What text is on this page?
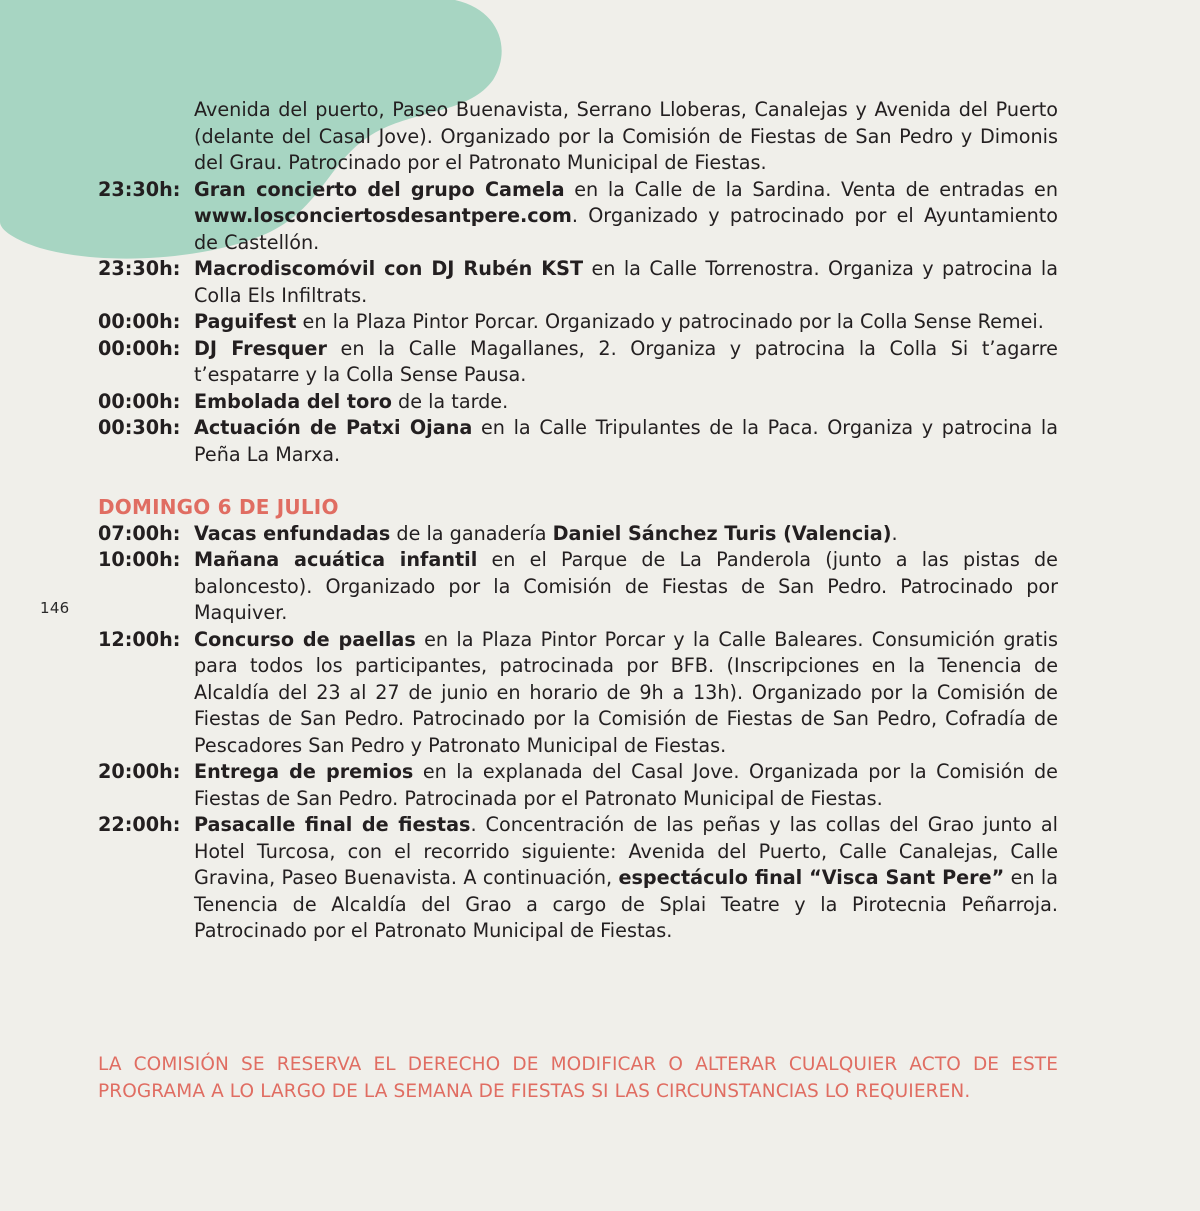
146
Avenida del puerto, Paseo Buenavista, Serrano Lloberas, Canalejas y Avenida del Puerto (delante del Casal Jove). Organizado por la Comisión de Fiestas de San Pedro y Dimonis del Grau. Patrocinado por el Patronato Municipal de Fiestas.
23:30h: Gran concierto del grupo Camela en la Calle de la Sardina. Venta de entradas en www.losconciertosdesantpere.com. Organizado y patrocinado por el Ayuntamiento de Castellón.
23:30h: Macrodiscomóvil con DJ Rubén KST en la Calle Torrenostra. Organiza y patrocina la Colla Els Infiltrats.
00:00h: Paguifest en la Plaza Pintor Porcar. Organizado y patrocinado por la Colla Sense Remei.
00:00h: DJ Fresquer en la Calle Magallanes, 2. Organiza y patrocina la Colla Si t’agarre t’espatarre y la Colla Sense Pausa.
00:00h: Embolada del toro de la tarde.
00:30h: Actuación de Patxi Ojana en la Calle Tripulantes de la Paca. Organiza y patrocina la Peña La Marxa.
DOMINGO 6 DE JULIO
07:00h: Vacas enfundadas de la ganadería Daniel Sánchez Turis (Valencia).
10:00h: Mañana acuática infantil en el Parque de La Panderola (junto a las pistas de baloncesto). Organizado por la Comisión de Fiestas de San Pedro. Patrocinado por Maquiver.
12:00h: Concurso de paellas en la Plaza Pintor Porcar y la Calle Baleares. Consumición gratis para todos los participantes, patrocinada por BFB. (Inscripciones en la Tenencia de Alcaldía del 23 al 27 de junio en horario de 9h a 13h). Organizado por la Comisión de Fiestas de San Pedro. Patrocinado por la Comisión de Fiestas de San Pedro, Cofradía de Pescadores San Pedro y Patronato Municipal de Fiestas.
20:00h: Entrega de premios en la explanada del Casal Jove. Organizada por la Comisión de Fiestas de San Pedro. Patrocinada por el Patronato Municipal de Fiestas.
22:00h: Pasacalle final de fiestas. Concentración de las peñas y las collas del Grao junto al Hotel Turcosa, con el recorrido siguiente: Avenida del Puerto, Calle Canalejas, Calle Gravina, Paseo Buenavista. A continuación, espectáculo final “Visca Sant Pere” en la Tenencia de Alcaldía del Grao a cargo de Splai Teatre y la Pirotecnia Peñarroja. Patrocinado por el Patronato Municipal de Fiestas.
LA COMISIÓN SE RESERVA EL DERECHO DE MODIFICAR O ALTERAR CUALQUIER ACTO DE ESTE PROGRAMA A LO LARGO DE LA SEMANA DE FIESTAS SI LAS CIRCUNSTANCIAS LO REQUIEREN.
